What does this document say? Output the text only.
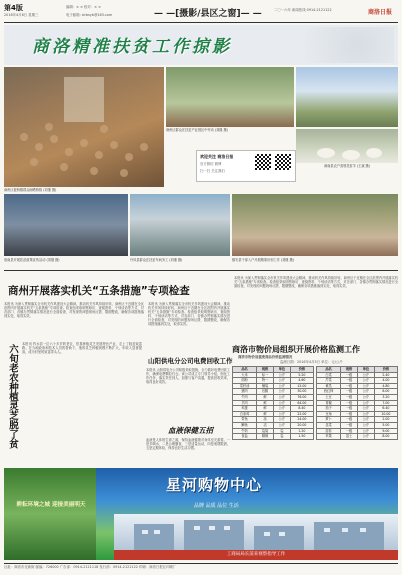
第4版
2016年4月6日 星期三
编辑：× × 校对：× ×
电子邮箱: slrbsyb@163.com	— —[摄影/县区之窗]— —	二〇一六年 新闻热线 0914-2121122	商洛日报
商洛精准扶贫工作掠影
商州区板桥镇群众晾晒核桃 (刘继 摄)
商南县农户喜领扶贫羊 (王斌 摄)
商州区群众在扶贫产业园区中劳动 (刘继 摄)
欢迎关注 商洛日报
官方微信 微博
扫一扫 关注我们
洛南县开展扶贫政策宣传活动 (刘继 摄)	丹凤县群众在扶贫车间务工 (刘继 摄)	镇安县干部入户开展精准识别工作 (刘继 摄)
商州开展落实机关“五条措施”专项检查
本报讯 为深入贯彻落实全市机关作风建设大会精神，推动机关作风持续好转，商州区于近期在全区范围内开展落实机关“五条措施”专项检查。检查组采取明察暗访、查阅资料、个别谈话等方式，对各部门、各镇办贯彻落实情况进行全面检查，对发现的问题现场反馈、限期整改，确保各项措施落到实处，取得实效。
本报讯 为深入贯彻落实全市机关作风建设大会精神，推动机关作风持续好转，商州区于近期在全区范围内开展落实机关“五条措施”专项检查。检查组采取明察暗访、查阅资料、个别谈话等方式，对各部门、各镇办贯彻落实情况进行全面检查，对发现的问题现场反馈、限期整改，确保各项措施落到实处，取得实效。
本报讯 为深入贯彻落实全市机关作风建设大会精神，推动机关作风持续好转，商州区于近期在全区范围内开展落实机关“五条措施”专项检查。检查组采取明察暗访、查阅资料、个别谈话等方式，对各部门、各镇办贯彻落实情况进行全面检查，对发现的问题现场反馈、限期整改，确保各项措施落到实处，取得实效。
商洛市物价局组织开展价格监测工作
商洛市物价局重要商品价格监测情况
监测日期：2016年4月5日 单位：元/公斤
品名	规格	单位	价格
大米	标一	公斤	5.20
面粉	特一	公斤	4.60
菜籽油	桶装	公斤	15.00
猪肉	后腿	公斤	30.00
牛肉	鲜	公斤	76.00
羊肉	鲜	公斤	64.00
鸡蛋	鲜	公斤	8.40
白条鸡	鲜	公斤	22.00
带鱼	冻	公斤	24.00
鲫鱼	活	公斤	20.00
牛奶	袋装	袋	1.20
食盐	精制	袋	1.50
品名	规格	单位	价格
白菜	一级	公斤	2.40
芹菜	一级	公斤	4.00
黄瓜	一级	公斤	4.80
西红柿	一级	公斤	6.00
土豆	一级	公斤	3.20
青椒	一级	公斤	7.00
茄子	一级	公斤	6.40
豆角	一级	公斤	10.00
萝卜	一级	公斤	2.00
韭菜	一级	公斤	5.00
蒜苔	一级	公斤	9.00
苹果	富士	公斤	8.00
六旬老农种植灵芝脱了贫 本报讯 柞水县一位六十多岁的老农，依靠种植灵芝发展特色产业，走上了脱贫致富路。在当地政府和技术人员的帮助下，他的灵芝种植规模不断扩大，年收入显著提高，成为村里的致富带头人。
山阳供电分公司电费回收工作
本报讯 山阳供电分公司积极采取措施，全力做好电费回收工作，确保电费颗粒归仓。该公司成立专门领导小组，细化工作任务，落实责任到人，加强与客户沟通，提高回收效率，取得良好成效。
血液保健五招
血液是人体的生命之源，保持血液健康对身体至关重要。一是多喝水，二是合理膳食，三是适量运动，四是戒烟限酒，五是定期体检，保持良好生活习惯。
耕耘环境之城 迎接美丽明天
星河购物中心
品牌 品质 品位 生活
工商局局长前来视察指导工作
社址：商洛市北新街 邮编：726000 广告部：0914-2121118 发行部：0914-2121122 印刷：商洛日报社印刷厂
